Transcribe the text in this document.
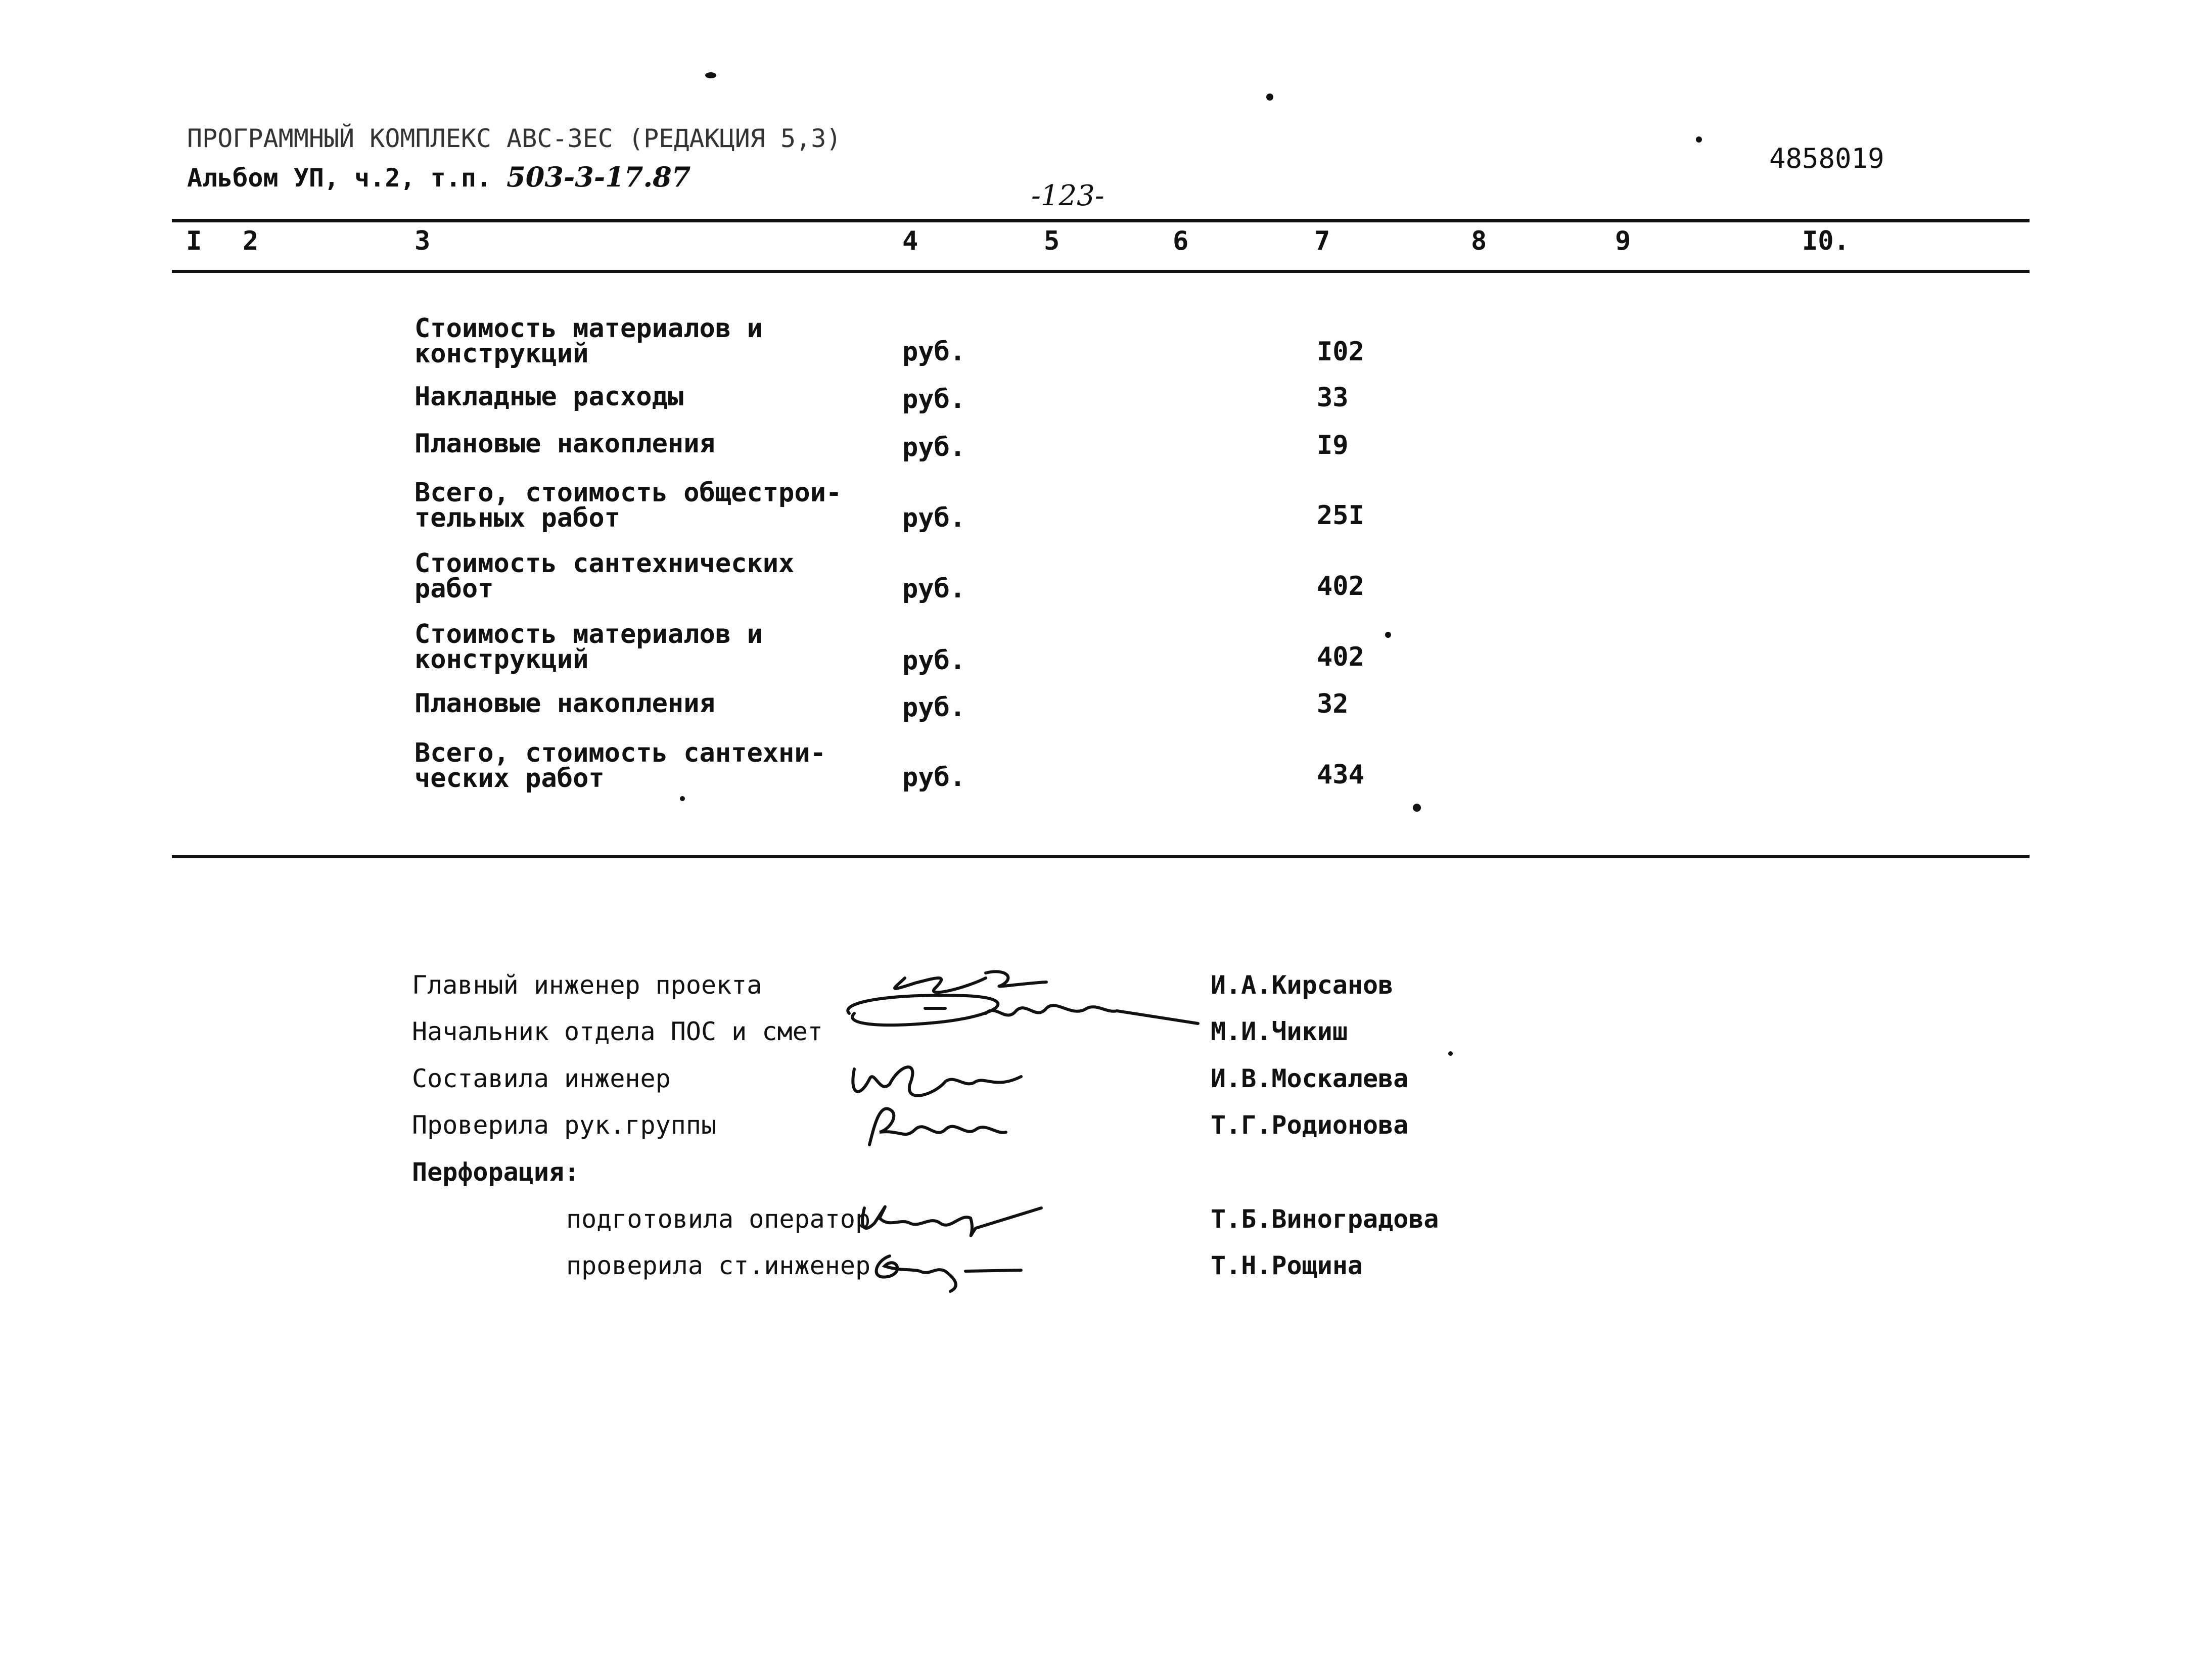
ПРОГРАММНЫЙ КОМПЛЕКС АВС-ЗЕС (РЕДАКЦИЯ 5,3)
Альбом УП, ч.2, т.п. 503-3-17.87
-123-
4858019
I 2	3	4	5	6	7	8	9	I0.
Стоимость материалов и
конструкций	руб.	I02
Накладные расходы	руб.	33
Плановые накопления	руб.	I9
Всего, стоимость общестрои-
тельных работ	руб.	25I
Стоимость сантехнических
работ	руб.	402
Стоимость материалов и
конструкций	руб.	402
Плановые накопления	руб.	32
Всего, стоимость сантехни-
ческих работ	руб.	434
Главный инженер проекта	И.А.Кирсанов
Начальник отдела ПОС и смет	М.И.Чикиш
Составила инженер	И.В.Москалева
Проверила рук.группы	Т.Г.Родионова
Перфорация:
подготовила оператор	Т.Б.Виноградова
проверила ст.инженер	Т.Н.Рощина
